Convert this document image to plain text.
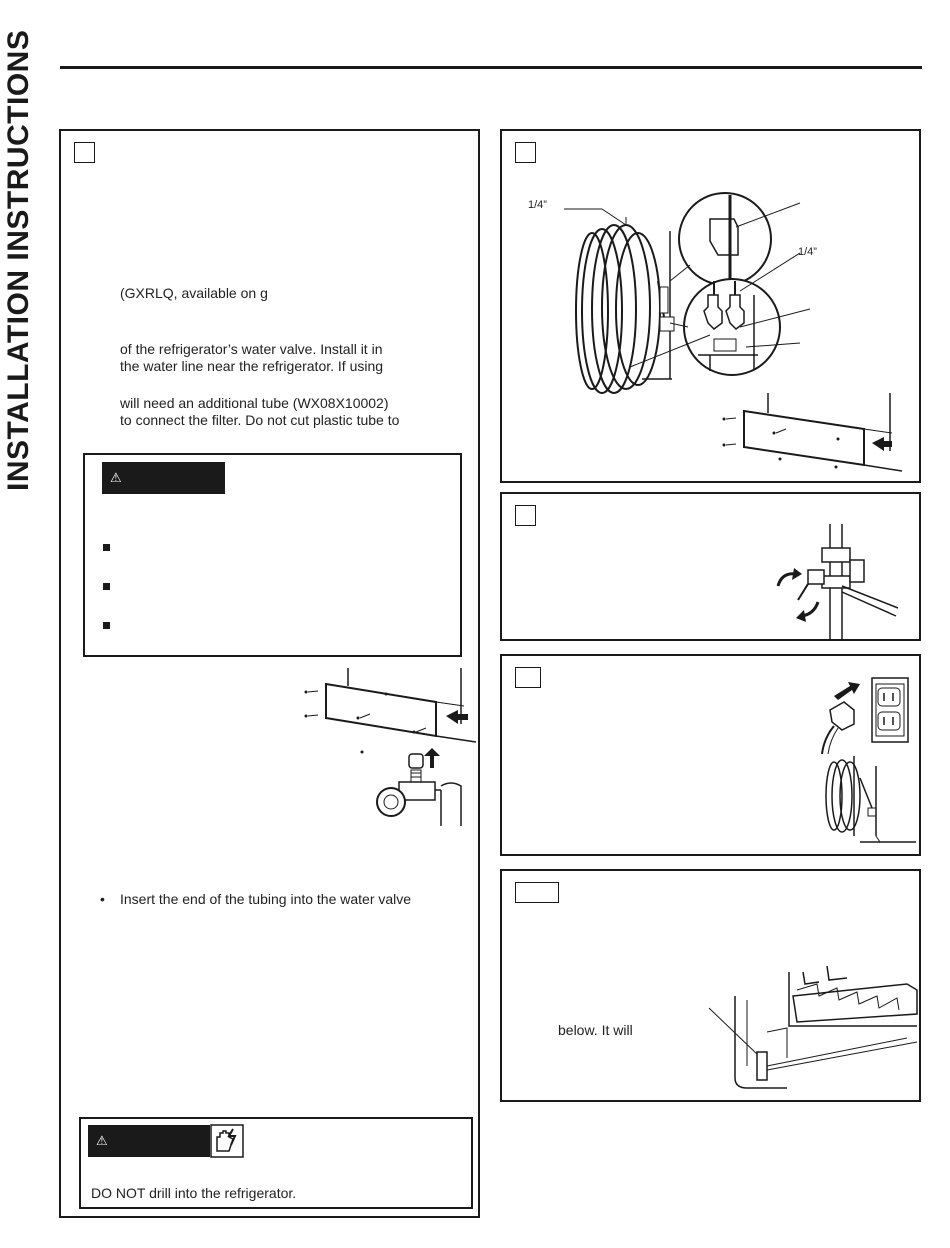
INSTALLATION INSTRUCTIONS	(GXRLQ, available on g
of the refrigerator’s water valve. Install it in
the water line near the refrigerator. If using
will need an additional tube (WX08X10002)
to connect the filter. Do not cut plastic tube to
⚠
• Insert the end of the tubing into the water valve
⚠
DO NOT drill into the refrigerator.
1/4”
1/4”
below. It will
